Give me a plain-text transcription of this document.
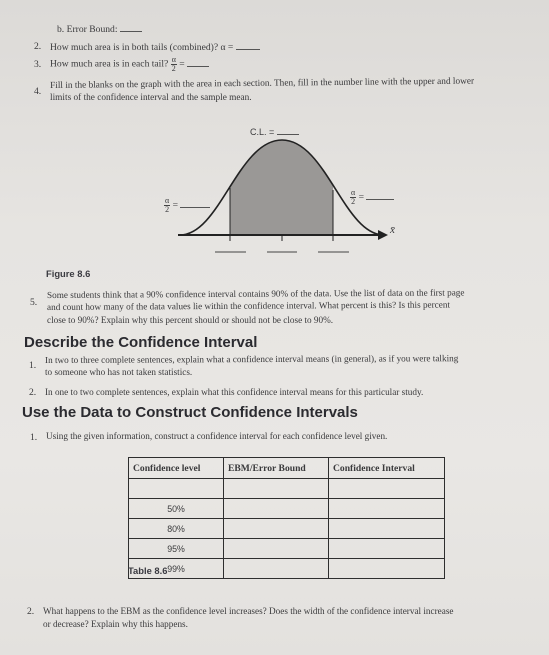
b. Error Bound:
2. How much area is in both tails (combined)? α =
3. How much area is in each tail? $\frac{\alpha}{2}$ =
4.
Fill in the blanks on the graph with the area in each section. Then, fill in the number line with the upper and lower
limits of the confidence interval and the sample mean.
C.L. =
$\frac{\alpha}{2}$ =	$\frac{\alpha}{2}$ =
x̄
Figure 8.6
5.
Some students think that a 90% confidence interval contains 90% of the data. Use the list of data on the first page
and count how many of the data values lie within the confidence interval. What percent is this? Is this percent
close to 90%? Explain why this percent should or should not be close to 90%.
Describe the Confidence Interval
1.
In two to three complete sentences, explain what a confidence interval means (in general), as if you were talking
to someone who has not taken statistics.
2. In one to two complete sentences, explain what this confidence interval means for this particular study.
Use the Data to Construct Confidence Intervals
1. Using the given information, construct a confidence interval for each confidence level given.
Confidence level	EBM/Error Bound	Confidence Interval

50%		
80%		
95%		
99%		
Table 8.6
2. What happens to the EBM as the confidence level increases? Does the width of the confidence interval increase
or decrease? Explain why this happens.
